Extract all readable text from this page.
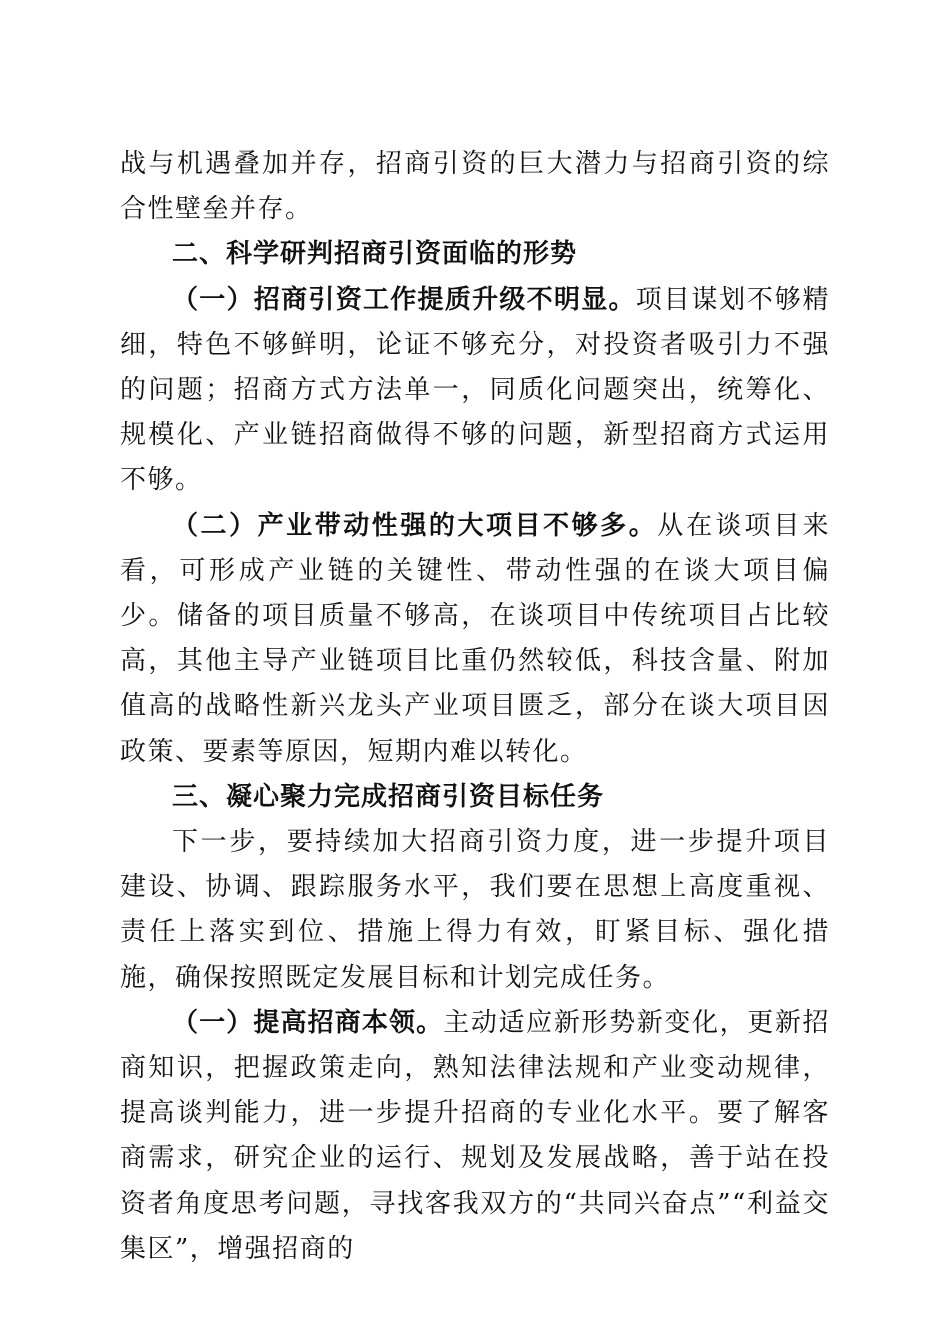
战与机遇叠加并存，招商引资的巨大潜力与招商引资的综合性壁垒并存。

二、科学研判招商引资面临的形势

（一）招商引资工作提质升级不明显。项目谋划不够精细，特色不够鲜明，论证不够充分，对投资者吸引力不强的问题；招商方式方法单一，同质化问题突出，统筹化、规模化、产业链招商做得不够的问题，新型招商方式运用不够。

（二）产业带动性强的大项目不够多。从在谈项目来看，可形成产业链的关键性、带动性强的在谈大项目偏少。储备的项目质量不够高，在谈项目中传统项目占比较高，其他主导产业链项目比重仍然较低，科技含量、附加值高的战略性新兴龙头产业项目匮乏，部分在谈大项目因政策、要素等原因，短期内难以转化。

三、凝心聚力完成招商引资目标任务

下一步，要持续加大招商引资力度，进一步提升项目建设、协调、跟踪服务水平，我们要在思想上高度重视、责任上落实到位、措施上得力有效，盯紧目标、强化措施，确保按照既定发展目标和计划完成任务。

（一）提高招商本领。主动适应新形势新变化，更新招商知识，把握政策走向，熟知法律法规和产业变动规律，提高谈判能力，进一步提升招商的专业化水平。要了解客商需求，研究企业的运行、规划及发展战略，善于站在投资者角度思考问题，寻找客我双方的“共同兴奋点”“利益交集区”，增强招商的
